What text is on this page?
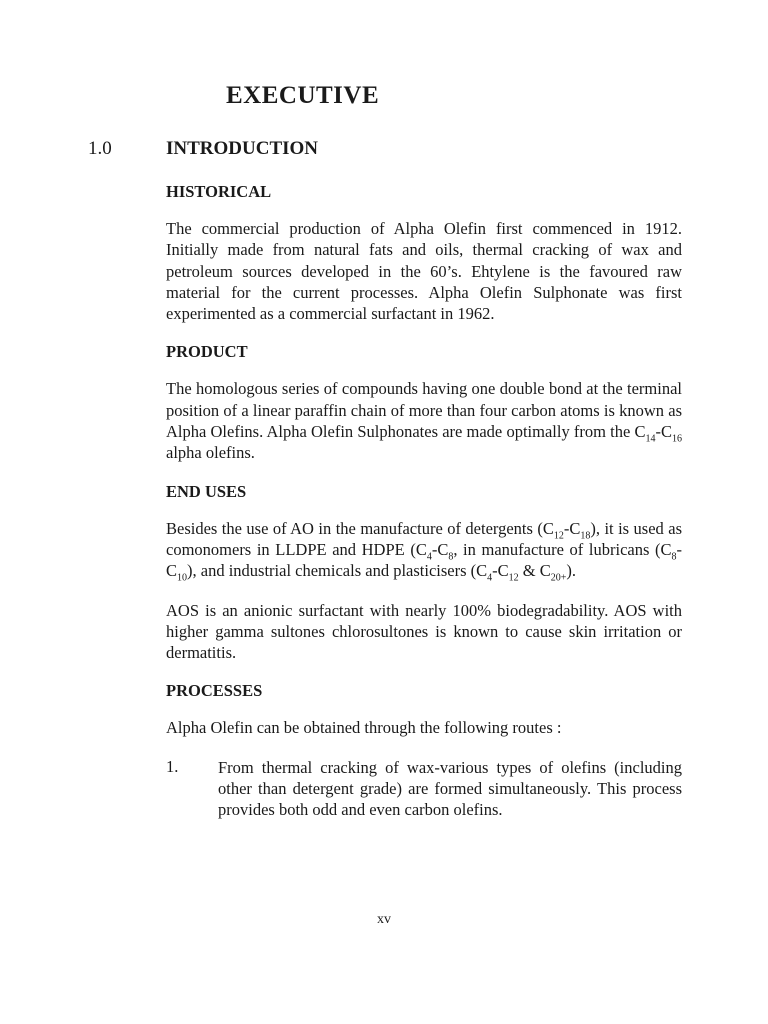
EXECUTIVE
1.0	INTRODUCTION
HISTORICAL

The commercial production of Alpha Olefin first commenced in 1912. Initially made from natural fats and oils, thermal cracking of wax and petroleum sources developed in the 60’s. Ehtylene is the favoured raw material for the current processes. Alpha Olefin Sulphonate was first experimented as a commercial surfactant in 1962.

PRODUCT

The homologous series of compounds having one double bond at the terminal position of a linear paraffin chain of more than four carbon atoms is known as Alpha Olefins. Alpha Olefin Sulphonates are made optimally from the $C_{14}-C_{16}$ alpha olefins.

END USES

Besides the use of AO in the manufacture of detergents $(C_{12}-C_{18})$, it is used as comonomers in LLDPE and HDPE ($C_4-C_8$, in manufacture of lubricans $(C_8-C_{10})$, and industrial chemicals and plasticisers ($C_4-C_{12}$ & $C_{20+}$).

AOS is an anionic surfactant with nearly 100% biodegradability. AOS with higher gamma sultones chlorosultones is known to cause skin irritation or dermatitis.

PROCESSES

Alpha Olefin can be obtained through the following routes :

1. From thermal cracking of wax-various types of olefins (including other than detergent grade) are formed simultaneously. This process provides both odd and even carbon olefins.

xv
